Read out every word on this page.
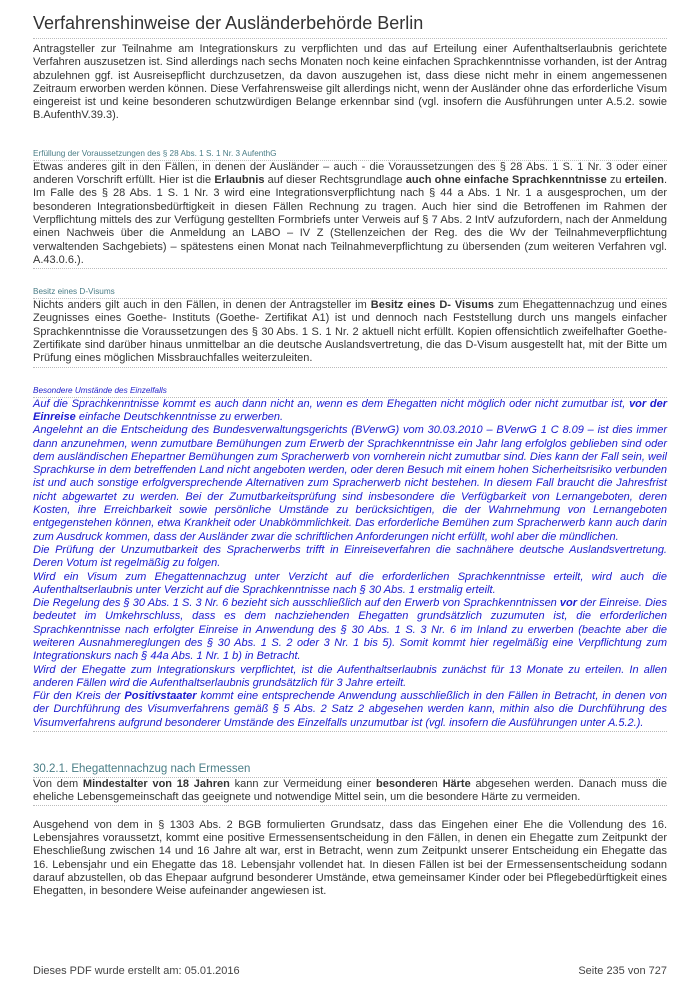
Verfahrenshinweise der Ausländerbehörde Berlin

Antragsteller zur Teilnahme am Integrationskurs zu verpflichten und das auf Erteilung einer Aufenthaltserlaubnis gerichtete Verfahren auszusetzen ist. Sind allerdings nach sechs Monaten noch keine einfachen Sprachkenntnisse vorhanden, ist der Antrag abzulehnen ggf. ist Ausreisepflicht durchzusetzen, da davon auszugehen ist, dass diese nicht mehr in einem angemessenen Zeitraum erworben werden können. Diese Verfahrensweise gilt allerdings nicht, wenn der Ausländer ohne das erforderliche Visum eingereist ist und keine besonderen schutzwürdigen Belange erkennbar sind (vgl. insofern die Ausführungen unter A.5.2. sowie B.AufenthV.39.3).

Erfüllung der Voraussetzungen des § 28 Abs. 1 S. 1 Nr. 3 AufenthG

Etwas anderes gilt in den Fällen, in denen der Ausländer – auch - die Voraussetzungen des § 28 Abs. 1 S. 1 Nr. 3 oder einer anderen Vorschrift erfüllt. Hier ist die Erlaubnis auf dieser Rechtsgrundlage auch ohne einfache Sprachkenntnisse zu erteilen. Im Falle des § 28 Abs. 1 S. 1 Nr. 3 wird eine Integrationsverpflichtung nach § 44 a Abs. 1 Nr. 1 a ausgesprochen, um der besonderen Integrationsbedürftigkeit in diesen Fällen Rechnung zu tragen. Auch hier sind die Betroffenen im Rahmen der Verpflichtung mittels des zur Verfügung gestellten Formbriefs unter Verweis auf § 7 Abs. 2 IntV aufzufordern, nach der Anmeldung einen Nachweis über die Anmeldung an LABO – IV Z (Stellenzeichen der Reg. des die Wv der Teilnahmeverpflichtung verwaltenden Sachgebiets) – spätestens einen Monat nach Teilnahmeverpflichtung zu übersenden (zum weiteren Verfahren vgl. A.43.0.6.).

Besitz eines D-Visums

Nichts anders gilt auch in den Fällen, in denen der Antragsteller im Besitz eines D- Visums zum Ehegattennachzug und eines Zeugnisses eines Goethe- Instituts (Goethe- Zertifikat A1) ist und dennoch nach Feststellung durch uns mangels einfacher Sprachkenntnisse die Voraussetzungen des § 30 Abs. 1 S. 1 Nr. 2 aktuell nicht erfüllt. Kopien offensichtlich zweifelhafter Goethe- Zertifikate sind darüber hinaus unmittelbar an die deutsche Auslandsvertretung, die das D-Visum ausgestellt hat, mit der Bitte um Prüfung eines möglichen Missbrauchfalles weiterzuleiten.

Besondere Umstände des Einzelfalls

Auf die Sprachkenntnisse kommt es auch dann nicht an, wenn es dem Ehegatten nicht möglich oder nicht zumutbar ist, vor der Einreise einfache Deutschkenntnisse zu erwerben.

Angelehnt an die Entscheidung des Bundesverwaltungsgerichts (BVerwG) vom 30.03.2010 – BVerwG 1 C 8.09 – ist dies immer dann anzunehmen, wenn zumutbare Bemühungen zum Erwerb der Sprachkenntnisse ein Jahr lang erfolglos geblieben sind oder dem ausländischen Ehepartner Bemühungen zum Spracherwerb von vornherein nicht zumutbar sind. Dies kann der Fall sein, weil Sprachkurse in dem betreffenden Land nicht angeboten werden, oder deren Besuch mit einem hohen Sicherheitsrisiko verbunden ist und auch sonstige erfolgversprechende Alternativen zum Spracherwerb nicht bestehen. In diesem Fall braucht die Jahresfrist nicht abgewartet zu werden. Bei der Zumutbarkeitsprüfung sind insbesondere die Verfügbarkeit von Lernangeboten, deren Kosten, ihre Erreichbarkeit sowie persönliche Umstände zu berücksichtigen, die der Wahrnehmung von Lernangeboten entgegenstehen können, etwa Krankheit oder Unabkömmlichkeit. Das erforderliche Bemühen zum Spracherwerb kann auch darin zum Ausdruck kommen, dass der Ausländer zwar die schriftlichen Anforderungen nicht erfüllt, wohl aber die mündlichen.

Die Prüfung der Unzumutbarkeit des Spracherwerbs trifft in Einreiseverfahren die sachnähere deutsche Auslandsvertretung. Deren Votum ist regelmäßig zu folgen.

Wird ein Visum zum Ehegattennachzug unter Verzicht auf die erforderlichen Sprachkenntnisse erteilt, wird auch die Aufenthaltserlaubnis unter Verzicht auf die Sprachkenntnisse nach § 30 Abs. 1 erstmalig erteilt.

Die Regelung des § 30 Abs. 1 S. 3 Nr. 6 bezieht sich ausschließlich auf den Erwerb von Sprachkenntnissen vor der Einreise. Dies bedeutet im Umkehrschluss, dass es dem nachziehenden Ehegatten grundsätzlich zuzumuten ist, die erforderlichen Sprachkenntnisse nach erfolgter Einreise in Anwendung des § 30 Abs. 1 S. 3 Nr. 6 im Inland zu erwerben (beachte aber die weiteren Ausnahmereglungen des § 30 Abs. 1 S. 2 oder 3 Nr. 1 bis 5). Somit kommt hier regelmäßig eine Verpflichtung zum Integrationskurs nach § 44a Abs. 1 Nr. 1 b) in Betracht.

Wird der Ehegatte zum Integrationskurs verpflichtet, ist die Aufenthaltserlaubnis zunächst für 13 Monate zu erteilen. In allen anderen Fällen wird die Aufenthaltserlaubnis grundsätzlich für 3 Jahre erteilt.

Für den Kreis der Positivstaater kommt eine entsprechende Anwendung ausschließlich in den Fällen in Betracht, in denen von der Durchführung des Visumverfahrens gemäß § 5 Abs. 2 Satz 2 abgesehen werden kann, mithin also die Durchführung des Visumverfahrens aufgrund besonderer Umstände des Einzelfalls unzumutbar ist (vgl. insofern die Ausführungen unter A.5.2.).

30.2.1. Ehegattennachzug nach Ermessen

Von dem Mindestalter von 18 Jahren kann zur Vermeidung einer besonderen Härte abgesehen werden. Danach muss die eheliche Lebensgemeinschaft das geeignete und notwendige Mittel sein, um die besondere Härte zu vermeiden.

Ausgehend von dem in § 1303 Abs. 2 BGB formulierten Grundsatz, dass das Eingehen einer Ehe die Vollendung des 16. Lebensjahres voraussetzt, kommt eine positive Ermessensentscheidung in den Fällen, in denen ein Ehegatte zum Zeitpunkt der Eheschließung zwischen 14 und 16 Jahre alt war, erst in Betracht, wenn zum Zeitpunkt unserer Entscheidung ein Ehegatte das 16. Lebensjahr und ein Ehegatte das 18. Lebensjahr vollendet hat. In diesen Fällen ist bei der Ermessensentscheidung sodann darauf abzustellen, ob das Ehepaar aufgrund besonderer Umstände, etwa gemeinsamer Kinder oder bei Pflegebedürftigkeit eines Ehegatten, in besondere Weise aufeinander angewiesen ist.

Dieses PDF wurde erstellt am: 05.01.2016	Seite 235 von 727
